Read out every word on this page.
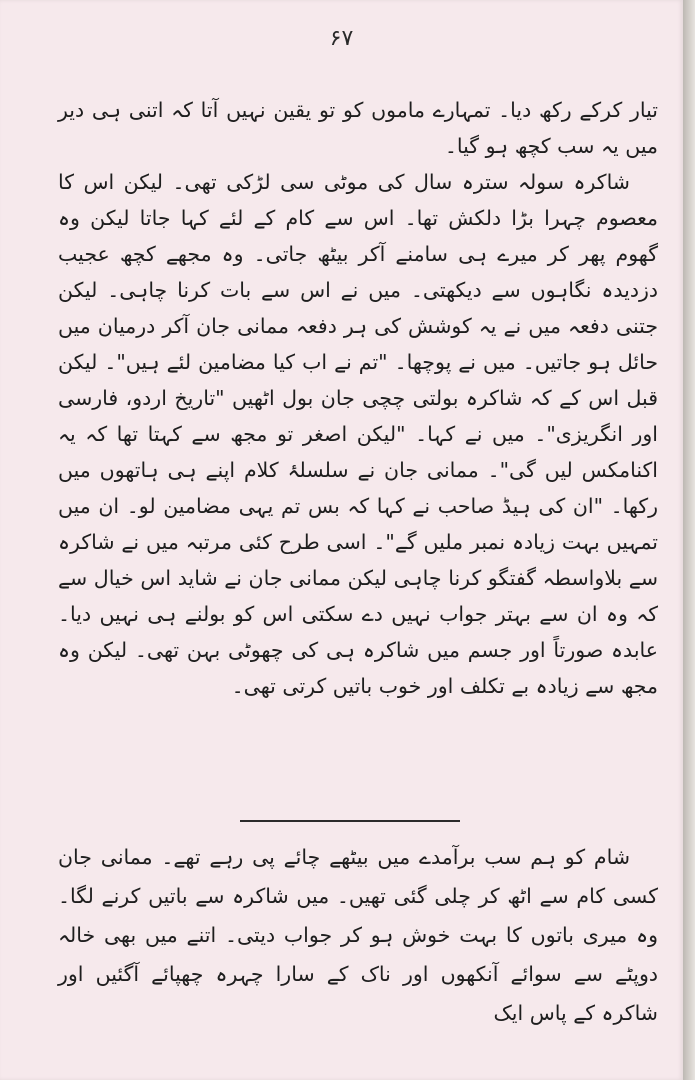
۶۷

تیار کرکے رکھ دیا۔ تمہارے ماموں کو تو یقین نہیں آتا کہ اتنی ہی دیر میں یہ سب کچھ ہو گیا۔

شاکرہ سولہ سترہ سال کی موٹی سی لڑکی تھی۔ لیکن اس کا معصوم چہرا بڑا دلکش تھا۔ اس سے کام کے لئے کہا جاتا لیکن وہ گھوم پھر کر میرے ہی سامنے آکر بیٹھ جاتی۔ وہ مجھے کچھ عجیب دزدیدہ نگاہوں سے دیکھتی۔ میں نے اس سے بات کرنا چاہی۔ لیکن جتنی دفعہ میں نے یہ کوشش کی ہر دفعہ ممانی جان آکر درمیان میں حائل ہو جاتیں۔ میں نے پوچھا۔ "تم نے اب کیا مضامین لئے ہیں"۔ لیکن قبل اس کے کہ شاکرہ بولتی چچی جان بول اٹھیں "تاریخ اردو، فارسی اور انگریزی"۔ میں نے کہا۔ "لیکن اصغر تو مجھ سے کہتا تھا کہ یہ اکنامکس لیں گی"۔ ممانی جان نے سلسلۂ کلام اپنے ہی ہاتھوں میں رکھا۔ "ان کی ہیڈ صاحب نے کہا کہ بس تم یہی مضامین لو۔ ان میں تمہیں بہت زیادہ نمبر ملیں گے"۔ اسی طرح کئی مرتبہ میں نے شاکرہ سے بلاواسطہ گفتگو کرنا چاہی لیکن ممانی جان نے شاید اس خیال سے کہ وہ ان سے بہتر جواب نہیں دے سکتی اس کو بولنے ہی نہیں دیا۔ عابدہ صورتاً اور جسم میں شاکرہ ہی کی چھوٹی بہن تھی۔ لیکن وہ مجھ سے زیادہ بے تکلف اور خوب باتیں کرتی تھی۔

شام کو ہم سب برآمدے میں بیٹھے چائے پی رہے تھے۔ ممانی جان کسی کام سے اٹھ کر چلی گئی تھیں۔ میں شاکرہ سے باتیں کرنے لگا۔ وہ میری باتوں کا بہت خوش ہو کر جواب دیتی۔ اتنے میں بھی خالہ دوپٹے سے سوائے آنکھوں اور ناک کے سارا چہرہ چھپائے آگئیں اور شاکرہ کے پاس ایک
